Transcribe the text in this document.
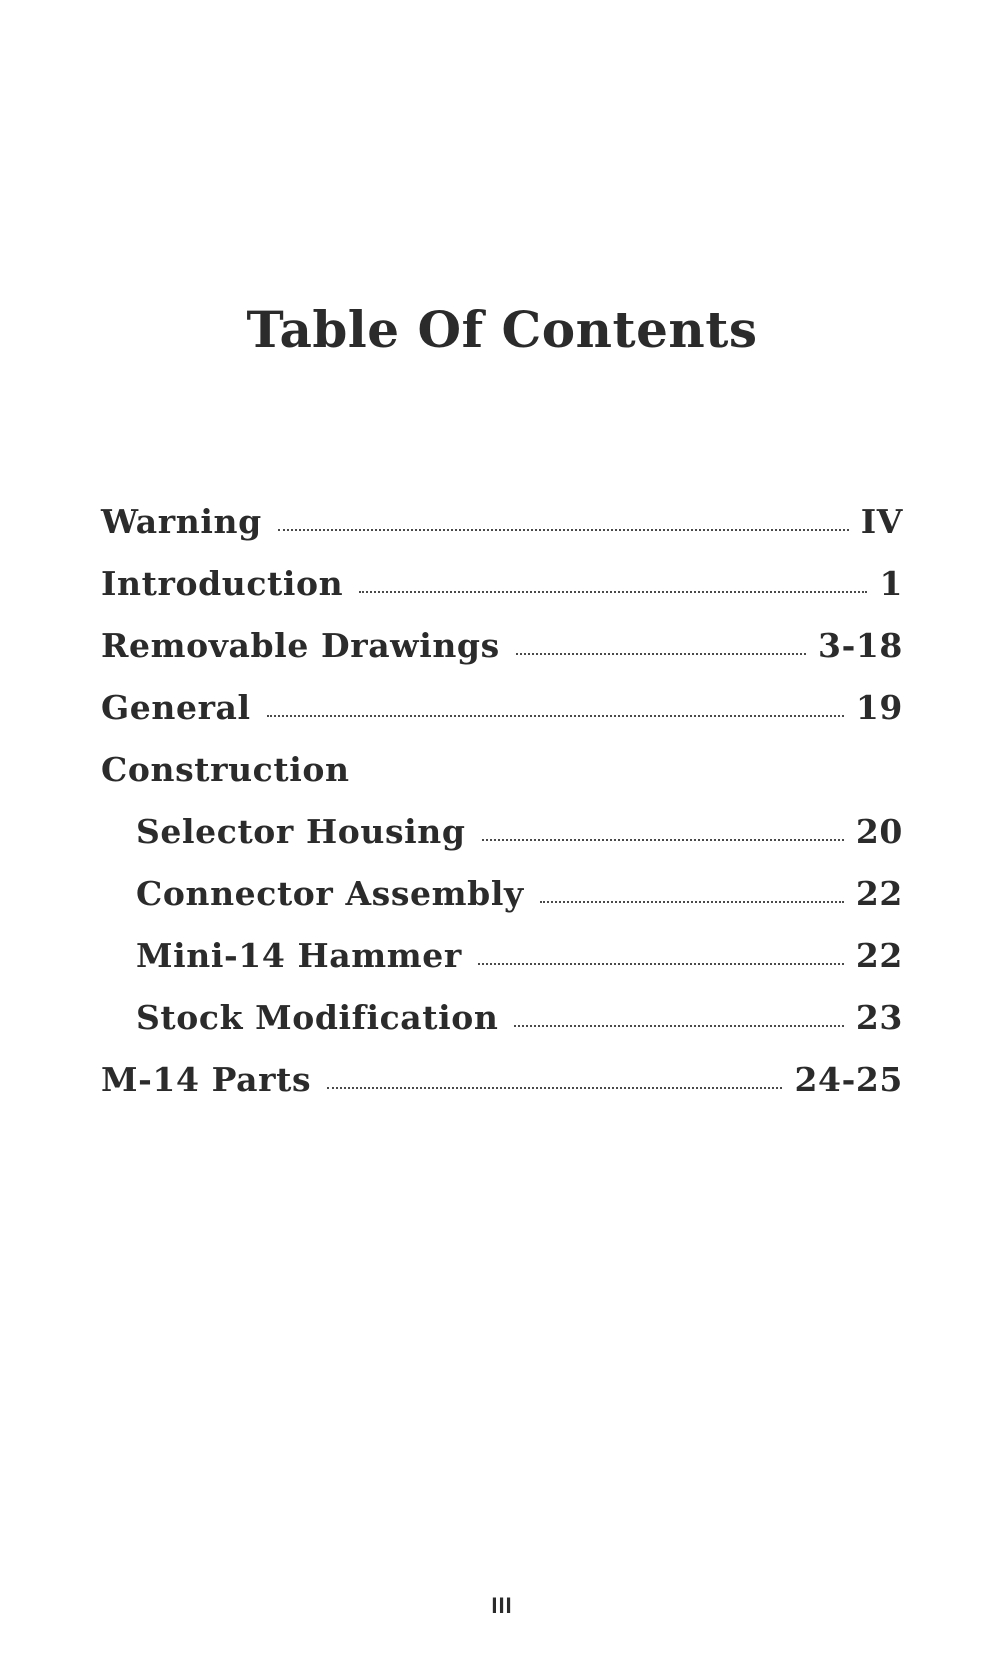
Table Of Contents
Warning	IV
Introduction	1
Removable Drawings	3-18
General	19
Construction
Selector Housing	20
Connector Assembly	22
Mini-14 Hammer	22
Stock Modification	23
M-14 Parts	24-25
III
